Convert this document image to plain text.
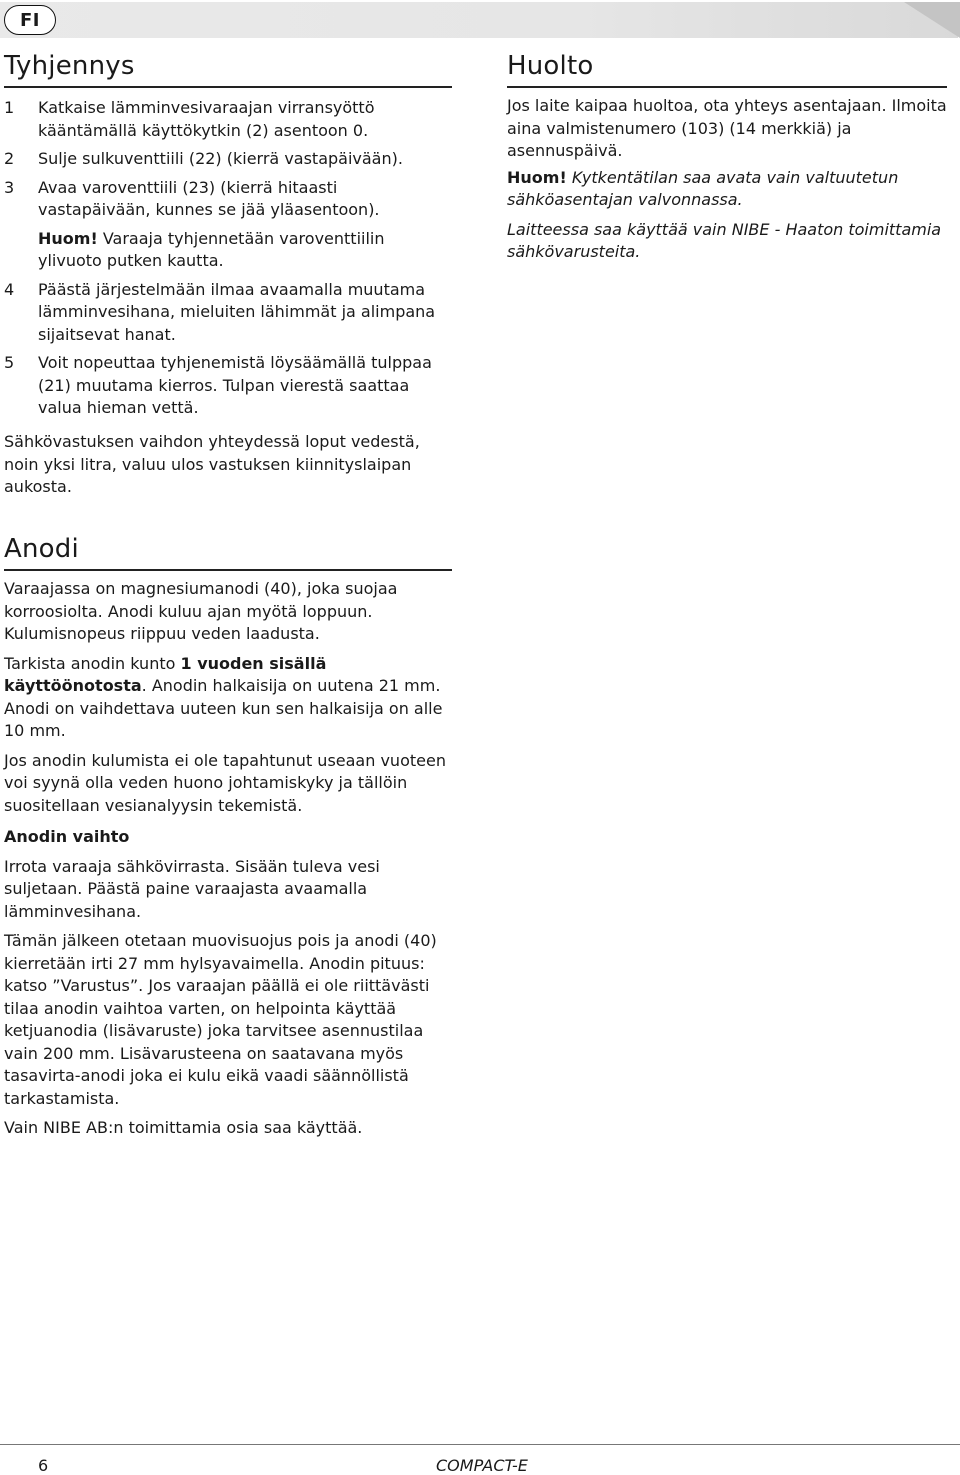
FI
Tyhjennys
1	Katkaise lämminvesivaraajan virransyöttö kääntämällä käyttökytkin (2) asentoon 0.
2	Sulje sulkuventtiili (22) (kierrä vastapäivään).
3	Avaa varoventtiili (23) (kierrä hitaasti vastapäivään, kunnes se jää yläasentoon).
Huom! Varaaja tyhjennetään varoventtiilin ylivuoto putken kautta.
4	Päästä järjestelmään ilmaa avaamalla muutama lämminvesihana, mieluiten lähimmät ja alimpana sijaitsevat hanat.
5	Voit nopeuttaa tyhjenemistä löysäämällä tulppaa (21) muutama kierros. Tulpan vierestä saattaa valua hieman vettä.

Sähkövastuksen vaihdon yhteydessä loput vedestä, noin yksi litra, valuu ulos vastuksen kiinnityslaipan aukosta.

Anodi

Varaajassa on magnesiumanodi (40), joka suojaa korroosiolta. Anodi kuluu ajan myötä loppuun. Kulumisnopeus riippuu veden laadusta.

Tarkista anodin kunto 1 vuoden sisällä käyttöönotosta. Anodin halkaisija on uutena 21 mm. Anodi on vaihdettava uuteen kun sen halkaisija on alle 10 mm.

Jos anodin kulumista ei ole tapahtunut useaan vuoteen voi syynä olla veden huono johtamiskyky ja tällöin suositellaan vesianalyysin tekemistä.

Anodin vaihto

Irrota varaaja sähkövirrasta. Sisään tuleva vesi suljetaan. Päästä paine varaajasta avaamalla lämminvesihana.

Tämän jälkeen otetaan muovisuojus pois ja anodi (40) kierretään irti 27 mm hylsyavaimella. Anodin pituus: katso ”Varustus”. Jos varaajan päällä ei ole riittävästi tilaa anodin vaihtoa varten, on helpointa käyttää ketjuanodia (lisävaruste) joka tarvitsee asennustilaa vain 200 mm. Lisävarusteena on saatavana myös tasavirta-anodi joka ei kulu eikä vaadi säännöllistä tarkastamista.

Vain NIBE AB:n toimittamia osia saa käyttää.

Huolto

Jos laite kaipaa huoltoa, ota yhteys asentajaan. Ilmoita aina valmistenumero (103) (14 merkkiä) ja asennuspäivä.

Huom! Kytkentätilan saa avata vain valtuutetun sähköasentajan valvonnassa.

Laitteessa saa käyttää vain NIBE - Haaton toimittamia sähkövarusteita.

6	COMPACT-E
